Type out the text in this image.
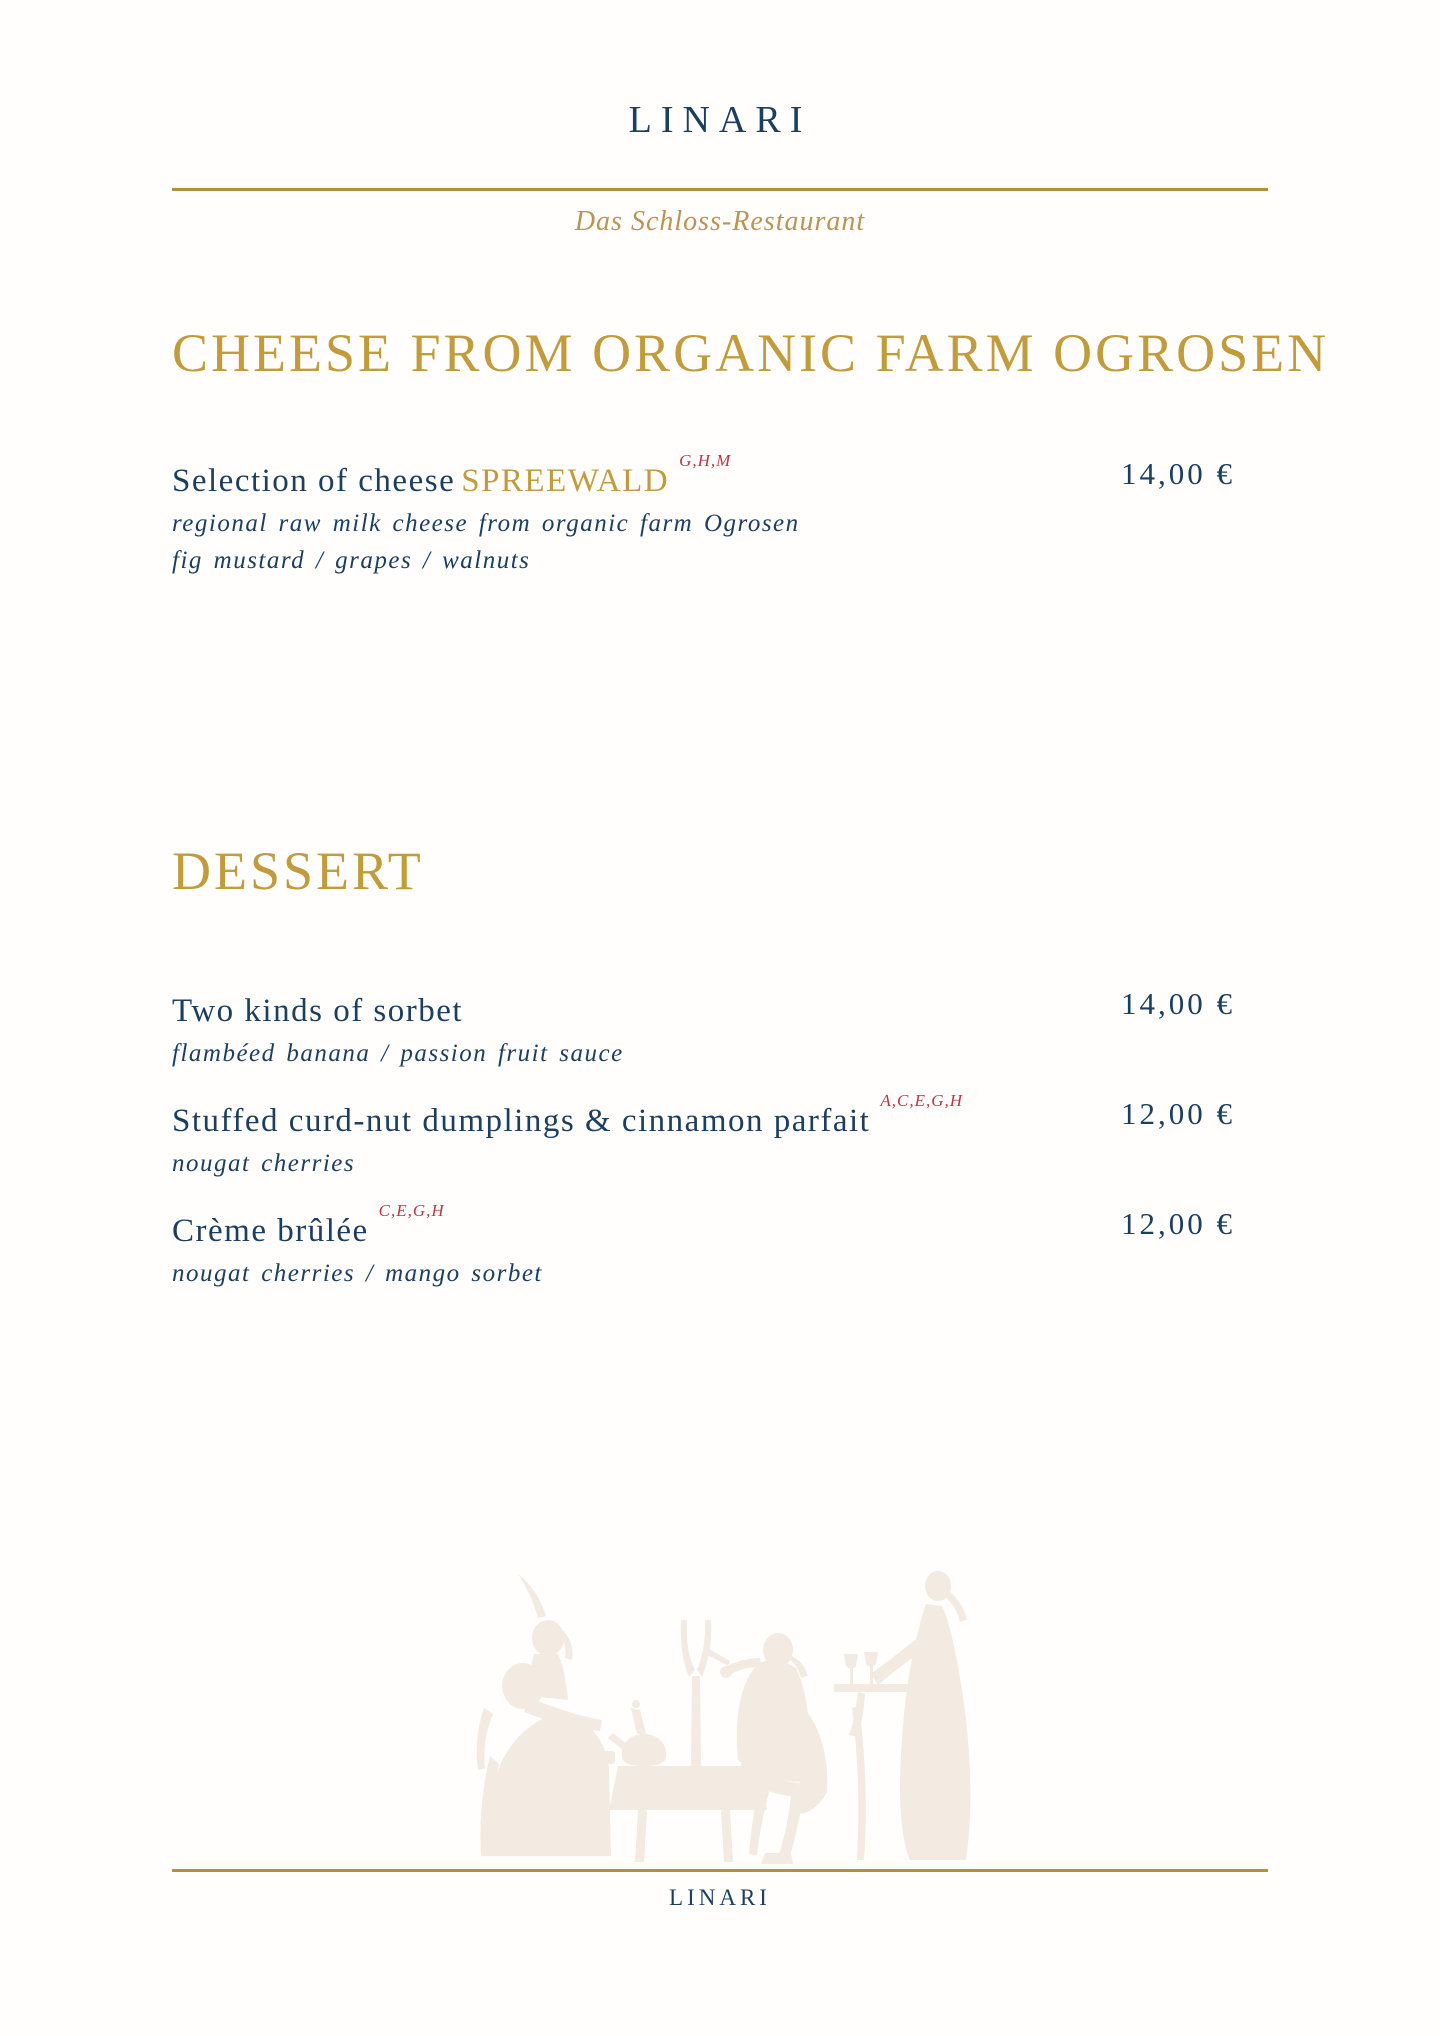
LINARI
Das Schloss-Restaurant
CHEESE FROM ORGANIC FARM OGROSEN
Selection of cheese $SPREEWALD^{G,H,M}$
regional raw milk cheese from organic farm Ogrosen
fig mustard / grapes / walnuts
14,00 €
DESSERT
Two kinds of sorbet
flambéed banana / passion fruit sauce
14,00 €
Stuffed curd-nut dumplings & cinnamon parfait$^{A,C,E,G,H}$
nougat cherries
12,00 €
Crème brûlée$^{C,E,G,H}$
nougat cherries / mango sorbet
12,00 €
LINARI
